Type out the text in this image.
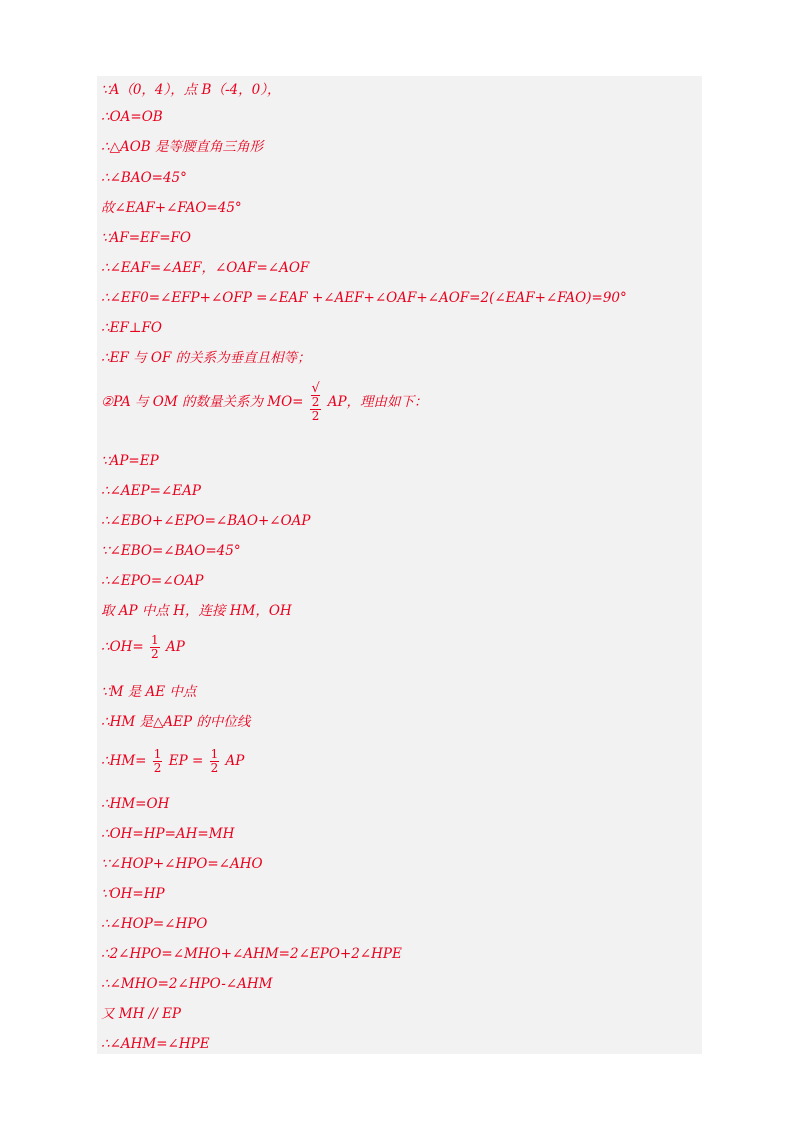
∵A（0，4），点 B（-4，0），
∴OA=OB
∴△AOB 是等腰直角三角形
∴∠BAO=45°
故∠EAF+∠FAO=45°
∵AF=EF=FO
∴∠EAF=∠AEF，∠OAF=∠AOF
∴∠EF0=∠EFP+∠OFP =∠EAF +∠AEF+∠OAF+∠AOF=2(∠EAF+∠FAO)=90°
∴EF⊥FO
∴EF 与 OF 的关系为垂直且相等；
②PA 与 OM 的数量关系为 MO= √
2
2 AP，理由如下：
∵AP=EP
∴∠AEP=∠EAP
∴∠EBO+∠EPO=∠BAO+∠OAP
∵∠EBO=∠BAO=45°
∴∠EPO=∠OAP
取 AP 中点 H，连接 HM，OH
∴OH= $\frac{1}{2}$ AP
∵M 是 AE 中点
∴HM 是△AEP 的中位线
∴HM= $\frac{1}{2}$ EP = $\frac{1}{2}$ AP
∴HM=OH
∴OH=HP=AH=MH
∵∠HOP+∠HPO=∠AHO
∵OH=HP
∴∠HOP=∠HPO
∴2∠HPO=∠MHO+∠AHM=2∠EPO+2∠HPE
∴∠MHO=2∠HPO-∠AHM
又 MH // EP
∴∠AHM=∠HPE
